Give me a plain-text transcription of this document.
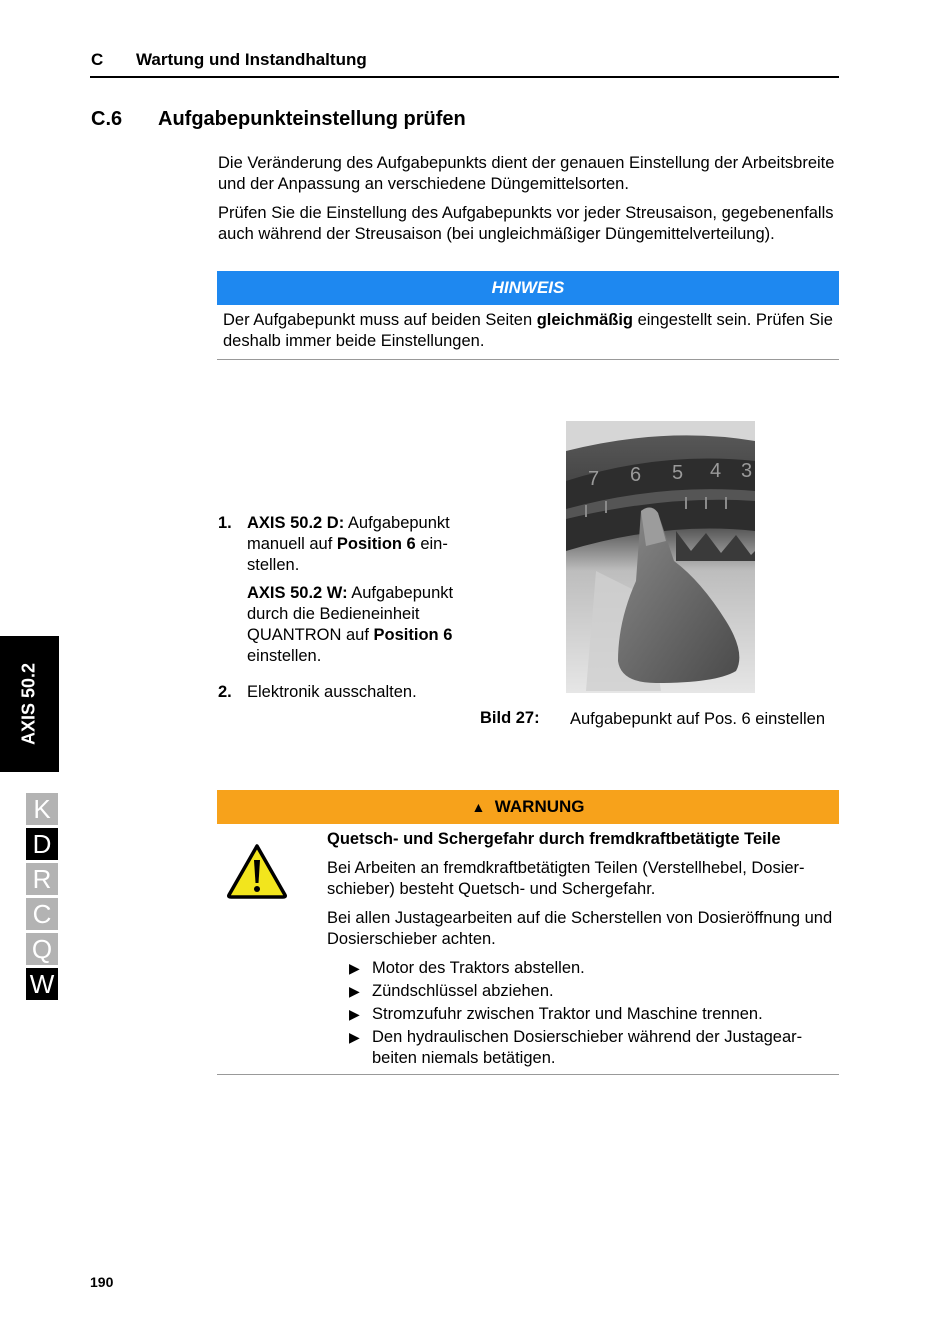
C Wartung und Instandhaltung
C.6 Aufgabepunkteinstellung prüfen
Die Veränderung des Aufgabepunkts dient der genauen Einstellung der Arbeitsbreite und der Anpassung an verschiedene Düngemittelsorten.
Prüfen Sie die Einstellung des Aufgabepunkts vor jeder Streusaison, gegebenenfalls auch während der Streusaison (bei ungleichmäßiger Düngemittelverteilung).
HINWEIS
Der Aufgabepunkt muss auf beiden Seiten gleichmäßig eingestellt sein. Prüfen Sie deshalb immer beide Einstellungen.
7 6 5 4 3
1. AXIS 50.2 D: Aufgabepunkt manuell auf Position 6 einstellen.

AXIS 50.2 W: Aufgabepunkt durch die Bedieneinheit QUANTRON auf Position 6 einstellen.

2. Elektronik ausschalten.
Bild 27: Aufgabepunkt auf Pos. 6 einstellen
AXIS 50.2
K
D
R
C
Q
W
▲ WARNUNG

Quetsch- und Schergefahr durch fremdkraftbetätigte Teile

Bei Arbeiten an fremdkraftbetätigten Teilen (Verstellhebel, Dosierschieber) besteht Quetsch- und Schergefahr.

Bei allen Justagearbeiten auf die Scherstellen von Dosieröffnung und Dosierschieber achten.

▶ Motor des Traktors abstellen.
▶ Zündschlüssel abziehen.
▶ Stromzufuhr zwischen Traktor und Maschine trennen.
▶ Den hydraulischen Dosierschieber während der Justagearbeiten niemals betätigen.
190
